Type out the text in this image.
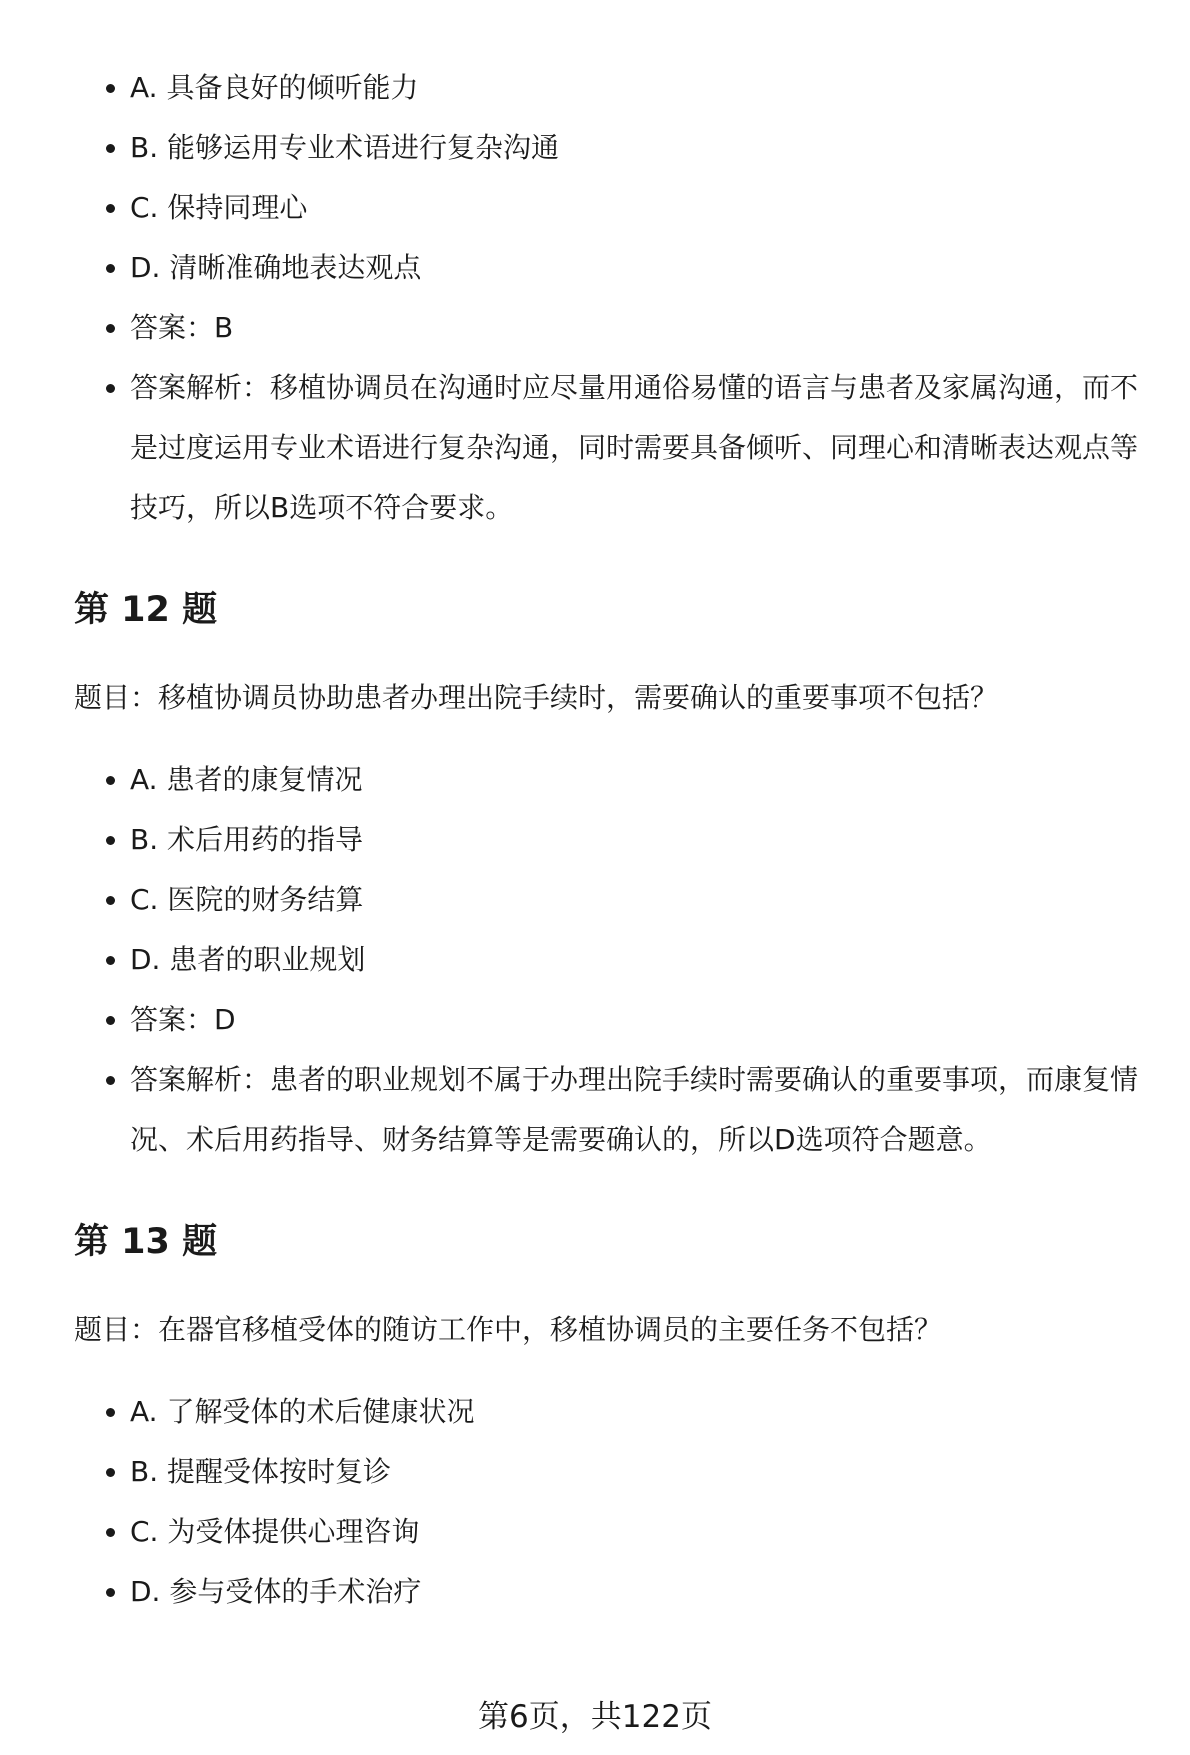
A. 具备良好的倾听能力
B. 能够运用专业术语进行复杂沟通
C. 保持同理心
D. 清晰准确地表达观点
答案：B
答案解析：移植协调员在沟通时应尽量用通俗易懂的语言与患者及家属沟通，而不是过度运用专业术语进行复杂沟通，同时需要具备倾听、同理心和清晰表达观点等技巧，所以B选项不符合要求。
第 12 题

题目：移植协调员协助患者办理出院手续时，需要确认的重要事项不包括？

A. 患者的康复情况
B. 术后用药的指导
C. 医院的财务结算
D. 患者的职业规划
答案：D
答案解析：患者的职业规划不属于办理出院手续时需要确认的重要事项，而康复情况、术后用药指导、财务结算等是需要确认的，所以D选项符合题意。
第 13 题

题目：在器官移植受体的随访工作中，移植协调员的主要任务不包括？

A. 了解受体的术后健康状况
B. 提醒受体按时复诊
C. 为受体提供心理咨询
D. 参与受体的手术治疗
第6页，共122页
